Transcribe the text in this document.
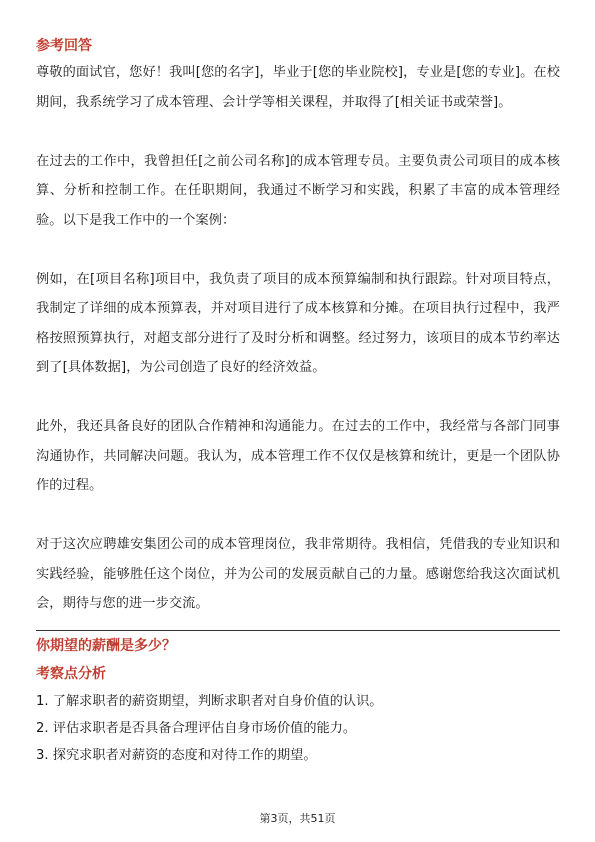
参考回答

尊敬的面试官，您好！我叫[您的名字]，毕业于[您的毕业院校]，专业是[您的专业]。在校期间，我系统学习了成本管理、会计学等相关课程，并取得了[相关证书或荣誉]。

在过去的工作中，我曾担任[之前公司名称]的成本管理专员。主要负责公司项目的成本核算、分析和控制工作。在任职期间，我通过不断学习和实践，积累了丰富的成本管理经验。以下是我工作中的一个案例：

例如，在[项目名称]项目中，我负责了项目的成本预算编制和执行跟踪。针对项目特点，我制定了详细的成本预算表，并对项目进行了成本核算和分摊。在项目执行过程中，我严格按照预算执行，对超支部分进行了及时分析和调整。经过努力，该项目的成本节约率达到了[具体数据]，为公司创造了良好的经济效益。

此外，我还具备良好的团队合作精神和沟通能力。在过去的工作中，我经常与各部门同事沟通协作，共同解决问题。我认为，成本管理工作不仅仅是核算和统计，更是一个团队协作的过程。

对于这次应聘雄安集团公司的成本管理岗位，我非常期待。我相信，凭借我的专业知识和实践经验，能够胜任这个岗位，并为公司的发展贡献自己的力量。感谢您给我这次面试机会，期待与您的进一步交流。

你期望的薪酬是多少？
考察点分析
1. 了解求职者的薪资期望，判断求职者对自身价值的认识。
2. 评估求职者是否具备合理评估自身市场价值的能力。
3. 探究求职者对薪资的态度和对待工作的期望。
第3页，共51页
